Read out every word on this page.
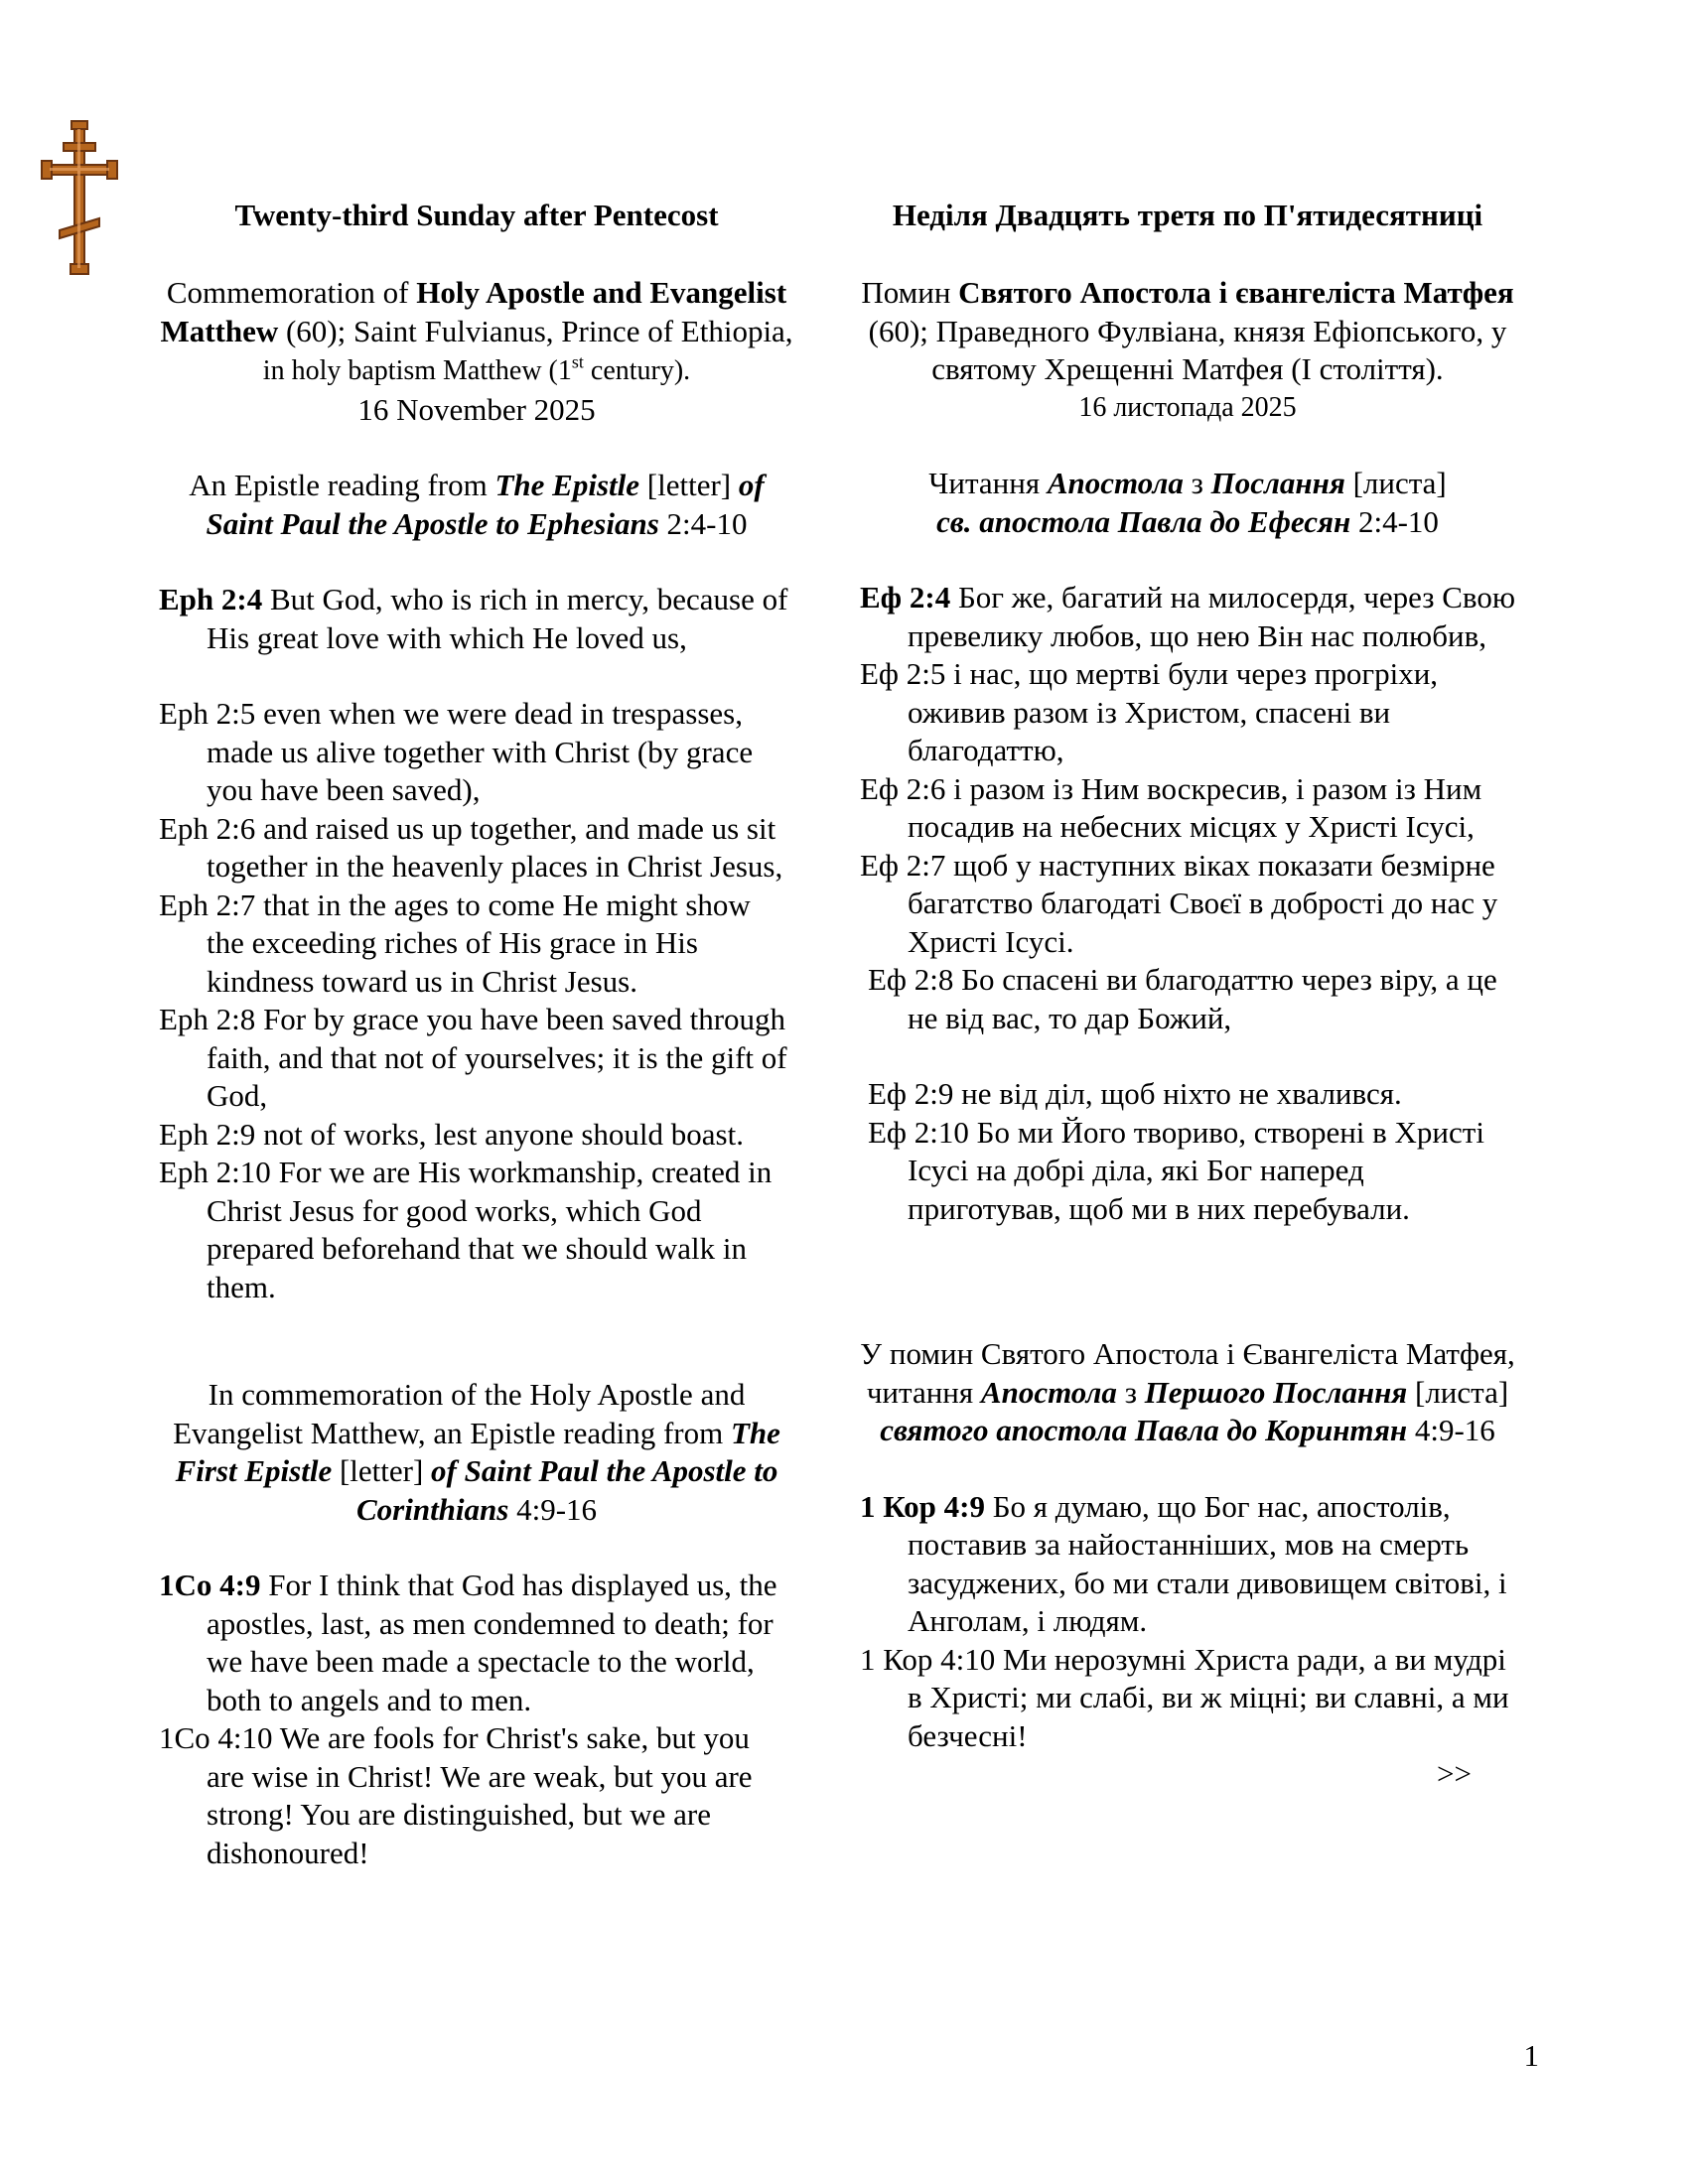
Twenty-third Sunday after Pentecost
Commemoration of Holy Apostle and Evangelist Matthew (60); Saint Fulvianus, Prince of Ethiopia, in holy baptism Matthew (1st century).
16 November 2025
An Epistle reading from The Epistle [letter] of Saint Paul the Apostle to Ephesians 2:4-10
Eph 2:4 But God, who is rich in mercy, because of His great love with which He loved us,
Eph 2:5 even when we were dead in trespasses, made us alive together with Christ (by grace you have been saved),
Eph 2:6 and raised us up together, and made us sit together in the heavenly places in Christ Jesus,
Eph 2:7 that in the ages to come He might show the exceeding riches of His grace in His kindness toward us in Christ Jesus.
Eph 2:8 For by grace you have been saved through faith, and that not of yourselves; it is the gift of God,
Eph 2:9 not of works, lest anyone should boast.
Eph 2:10 For we are His workmanship, created in Christ Jesus for good works, which God prepared beforehand that we should walk in them.
In commemoration of the Holy Apostle and Evangelist Matthew, an Epistle reading from The First Epistle [letter] of Saint Paul the Apostle to Corinthians 4:9-16
1Co 4:9 For I think that God has displayed us, the apostles, last, as men condemned to death; for we have been made a spectacle to the world, both to angels and to men.
1Co 4:10 We are fools for Christ's sake, but you are wise in Christ! We are weak, but you are strong! You are distinguished, but we are dishonoured!
Неділя Двадцять третя по П'ятидесятниці
Помин Святого Апостола і євангеліста Матфея (60); Праведного Фулвіана, князя Ефіопського, у святому Хрещенні Матфея (І століття).
16 листопада 2025
Читання Апостола з Послання [листа]
св. апостола Павла до Ефесян 2:4-10
Еф 2:4 Бог же, багатий на милосердя, через Свою превелику любов, що нею Він нас полюбив,
Еф 2:5 і нас, що мертві були через прогріхи, оживив разом із Христом, спасені ви благодаттю,
Еф 2:6 і разом із Ним воскресив, і разом із Ним посадив на небесних місцях у Христі Ісусі,
Еф 2:7 щоб у наступних віках показати безмірне багатство благодаті Своєї в доброcті до нас у Христі Ісусі.
Еф 2:8 Бо спасені ви благодаттю через віру, а це не від вас, то дар Божий,
Еф 2:9 не від діл, щоб ніхто не хвалився.
Еф 2:10 Бо ми Його твориво, створені в Христі Ісусі на добрі діла, які Бог наперед приготував, щоб ми в них перебували.
У помин Святого Апостола і Євангеліста Матфея, читання Апостола з Першого Послання [листа] святого апостола Павла до Коринтян 4:9-16
1 Кор 4:9 Бо я думаю, що Бог нас, апостолів, поставив за найостанніших, мов на смерть засуджених, бо ми стали дивовищем світові, і Анголам, і людям.
1 Кор 4:10 Ми нерозумні Христа ради, а ви мудрі в Христі; ми слабі, ви ж міцні; ви славні, а ми безчесні!
>>
1
